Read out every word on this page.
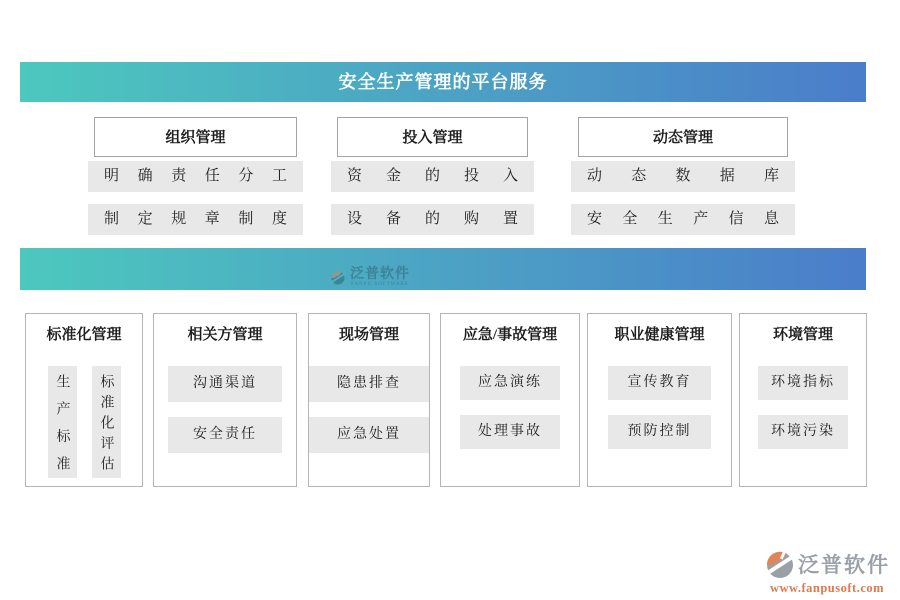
安全生产管理的平台服务
组织管理
明确责任分工
制定规章制度
投入管理
资金的投入
设备的购置
动态管理
动态数据库
安全生产信息
泛普软件
FANPU SOFTWARE
标准化管理
生产标准	标准化评估
相关方管理
沟通渠道
安全责任
现场管理
隐患排查
应急处置
应急/事故管理
应急演练
处理事故
职业健康管理
宣传教育
预防控制
环境管理
环境指标
环境污染
泛普软件
www.fanpusoft.com
